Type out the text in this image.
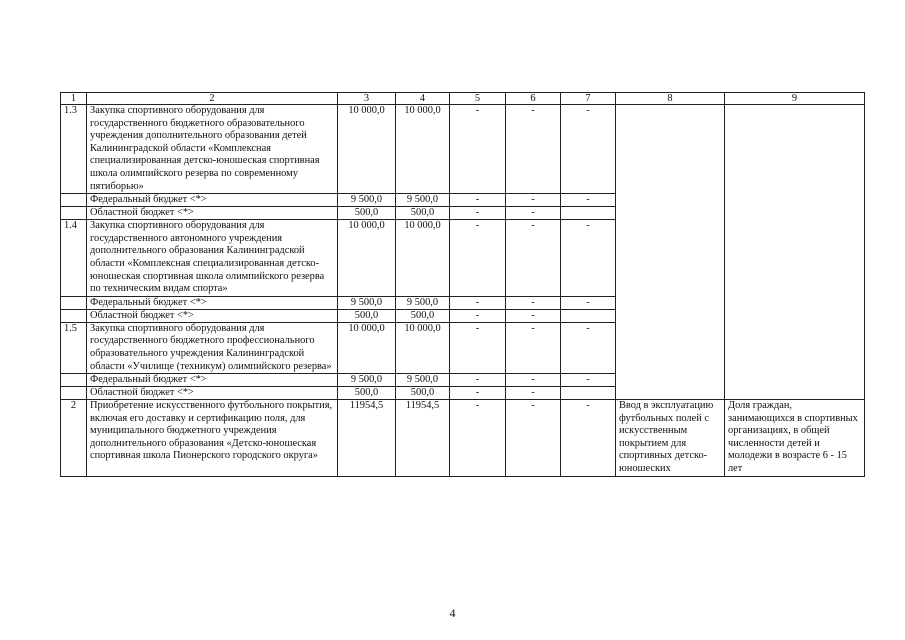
1	2	3	4	5	6	7	8	9
1.3	Закупка спортивного оборудования для государственного бюджетного образовательного учреждения дополнительного образования детей Калининградской области «Комплексная специализированная детско-юношеская спортивная школа олимпийского резерва по современному пятиборью»	10 000,0	10 000,0	-	-	-		
	Федеральный бюджет <*>	9 500,0	9 500,0	-	-	-		
	Областной бюджет <*>	500,0	500,0	-	-			
1.4	Закупка спортивного оборудования для государственного автономного учреждения дополнительного образования Калининградской области «Комплексная специализированная детско-юношеская спортивная школа олимпийского резерва по техническим видам спорта»	10 000,0	10 000,0	-	-	-		
	Федеральный бюджет <*>	9 500,0	9 500,0	-	-	-		
	Областной бюджет <*>	500,0	500,0	-	-			
1.5	Закупка спортивного оборудования для государственного бюджетного профессионального образовательного учреждения Калининградской области «Училище (техникум) олимпийского резерва»	10 000,0	10 000,0	-	-	-		
	Федеральный бюджет <*>	9 500,0	9 500,0	-	-	-		
	Областной бюджет <*>	500,0	500,0	-	-			
2	Приобретение искусственного футбольного покрытия, включая его доставку и сертификацию поля, для муниципального бюджетного учреждения дополнительного образования «Детско-юношеская спортивная школа Пионерского городского округа»	11954,5	11954,5	-	-	-	Ввод в эксплуатацию футбольных полей с искусственным покрытием для спортивных детско-юношеских	Доля граждан, занимающихся в спортивных организациях, в общей численности детей и молодежи в возрасте 6 - 15 лет
4
